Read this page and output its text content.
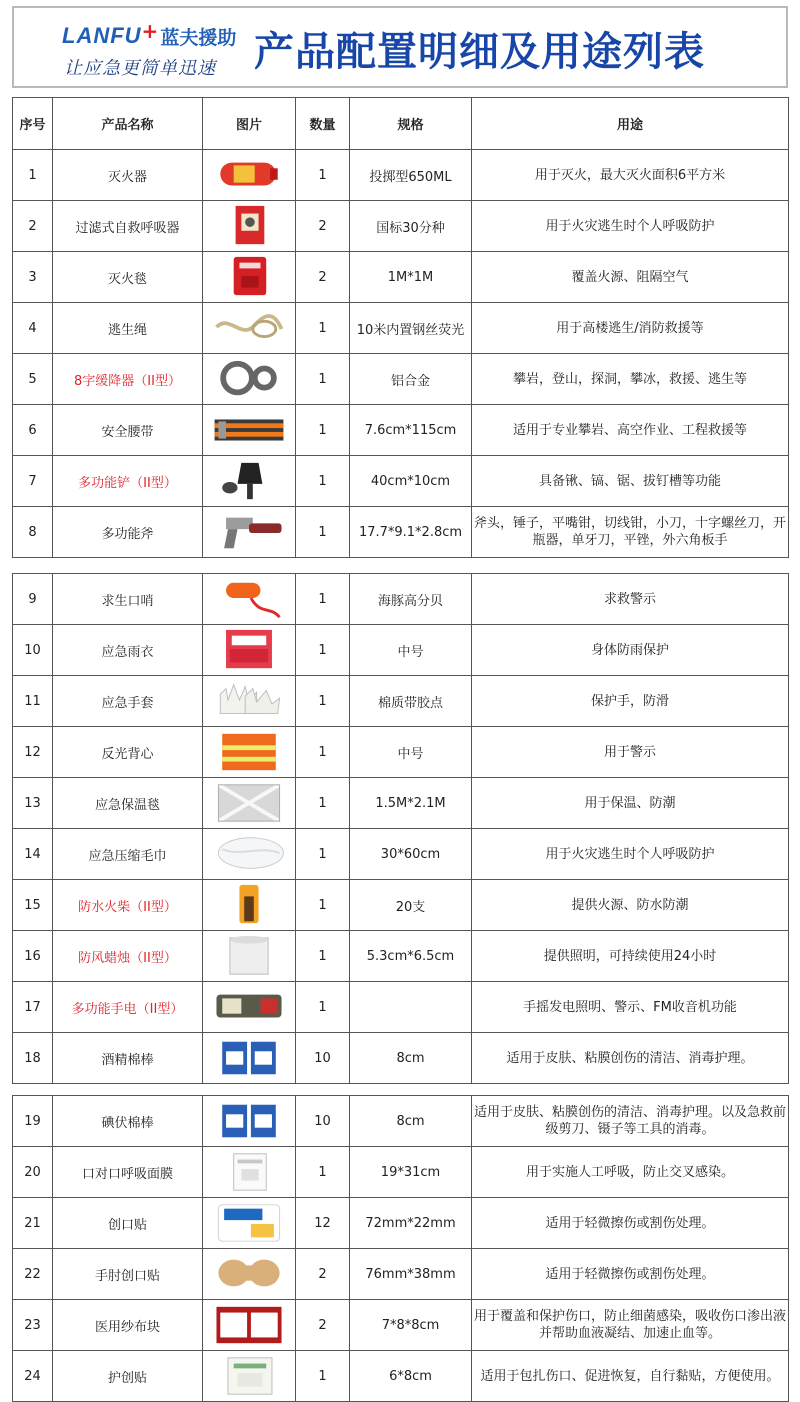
LANFU + 蓝夫援助
让应急更简单迅速 产品配置明细及用途列表
序号	产品名称	图片	数量	规格	用途
1	灭火器		1	投掷型650ML	用于灭火，最大灭火面积6平方米
2	过滤式自救呼吸器		2	国标30分种	用于火灾逃生时个人呼吸防护
3	灭火毯		2	1M*1M	覆盖火源、阻隔空气
4	逃生绳		1	10米内置钢丝荧光	用于高楼逃生/消防救援等
5	8字缓降器（II型）		1	铝合金	攀岩，登山，探洞，攀冰，救援、逃生等
6	安全腰带		1	7.6cm*115cm	适用于专业攀岩、高空作业、工程救援等
7	多功能铲（II型）		1	40cm*10cm	具备锹、镐、锯、拔钉槽等功能
8	多功能斧		1	17.7*9.1*2.8cm	斧头，锤子，平嘴钳，切线钳，小刀，十字螺丝刀，开瓶器，单牙刀，平锉，外六角板手
9	求生口哨		1	海豚高分贝	求救警示
10	应急雨衣		1	中号	身体防雨保护
11	应急手套		1	棉质带胶点	保护手，防滑
12	反光背心		1	中号	用于警示
13	应急保温毯		1	1.5M*2.1M	用于保温、防潮
14	应急压缩毛巾		1	30*60cm	用于火灾逃生时个人呼吸防护
15	防水火柴（II型）		1	20支	提供火源、防水防潮
16	防风蜡烛（II型）		1	5.3cm*6.5cm	提供照明，可持续使用24小时
17	多功能手电（II型）		1		手摇发电照明、警示、FM收音机功能
18	酒精棉棒		10	8cm	适用于皮肤、粘膜创伤的清洁、消毒护理。
19	碘伏棉棒		10	8cm	适用于皮肤、粘膜创伤的清洁、消毒护理。以及急救前级剪刀、镊子等工具的消毒。
20	口对口呼吸面膜		1	19*31cm	用于实施人工呼吸，防止交叉感染。
21	创口贴		12	72mm*22mm	适用于轻微擦伤或割伤处理。
22	手肘创口贴		2	76mm*38mm	适用于轻微擦伤或割伤处理。
23	医用纱布块		2	7*8*8cm	用于覆盖和保护伤口，防止细菌感染，吸收伤口渗出液并帮助血液凝结、加速止血等。
24	护创贴		1	6*8cm	适用于包扎伤口、促进恢复，自行黏贴，方便使用。
